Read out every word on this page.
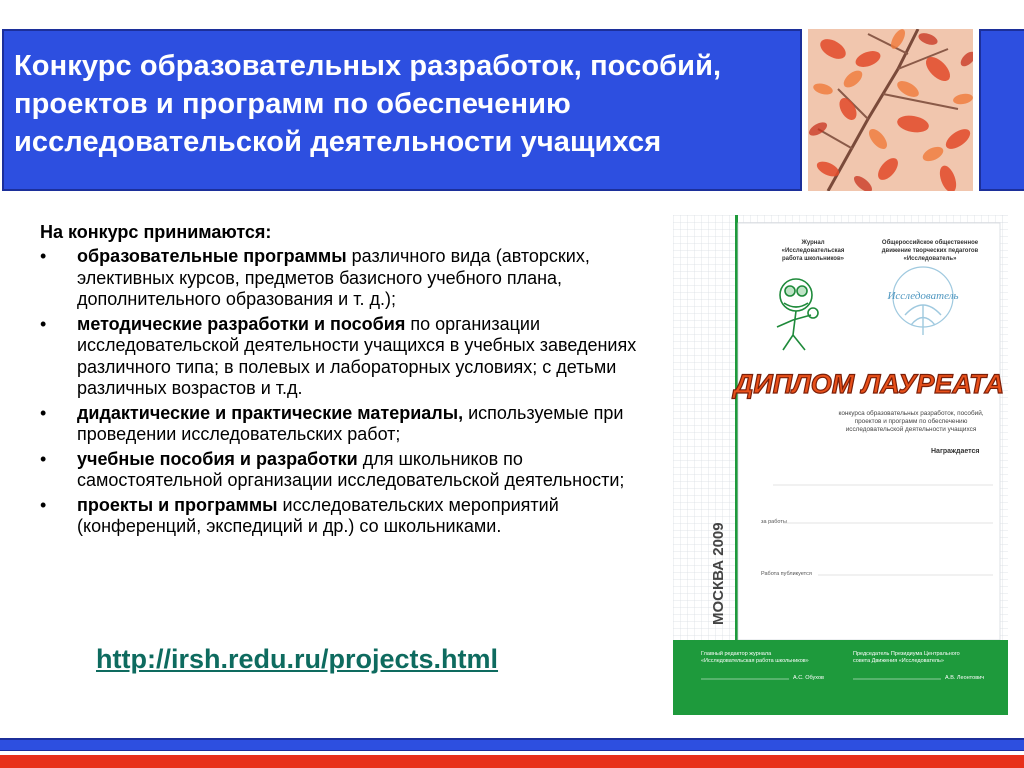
Конкурс образовательных разработок, пособий,
проектов и программ по обеспечению
исследовательской деятельности учащихся
На конкурс принимаются:
• образовательные программы различного вида (авторских, элективных курсов, предметов базисного учебного плана, дополнительного образования и т. д.);
• методические разработки и пособия по организации исследовательской деятельности учащихся в учебных заведениях различного типа; в полевых и лабораторных условиях; с детьми различных возрастов и т.д.
• дидактические и практические материалы, используемые при проведении исследовательских работ;
• учебные пособия и разработки для школьников по самостоятельной организации исследовательской деятельности;
• проекты и программы исследовательских мероприятий (конференций, экспедиций и др.) со школьниками.
http://irsh.redu.ru/projects.html
Журнал
«Исследовательская
работа школьников»
Общероссийское общественное
движение творческих педагогов
«Исследователь»
Исследователь
ДИПЛОМ ЛАУРЕАТА
конкурса образовательных разработок, пособий,
проектов и программ по обеспечению
исследовательской деятельности учащихся
Награждается
за работы
Работа публикуется
МОСКВА 2009
Главный редактор журнала
«Исследовательская работа школьников»
Председатель Президиума Центрального
совета Движения «Исследователь»
А.С. Обухов	А.В. Леонтович
